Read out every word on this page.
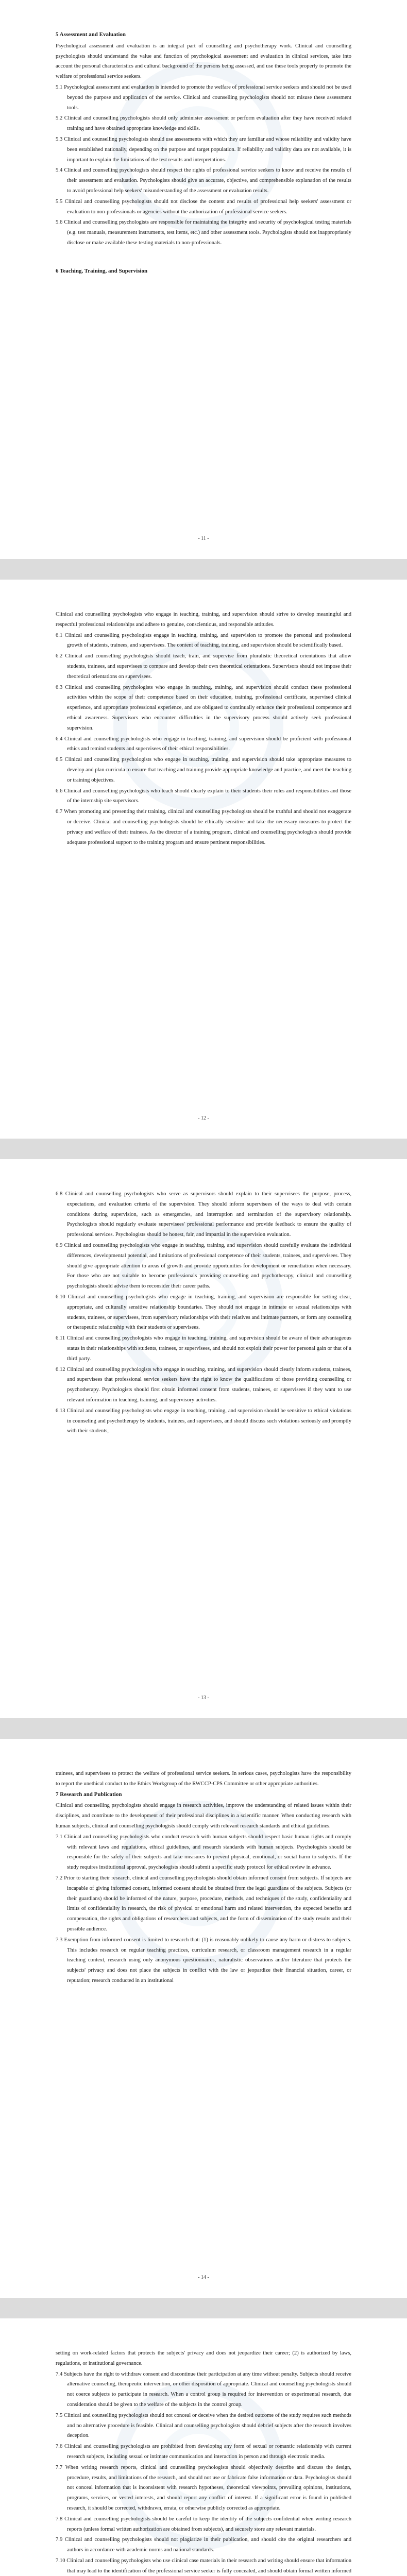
5 Assessment and Evaluation

Psychological assessment and evaluation is an integral part of counselling and psychotherapy work. Clinical and counselling psychologists should understand the value and function of psychological assessment and evaluation in clinical services, take into account the personal characteristics and cultural background of the persons being assessed, and use these tools properly to promote the welfare of professional service seekers.

5.1 Psychological assessment and evaluation is intended to promote the welfare of professional service seekers and should not be used beyond the purpose and application of the service. Clinical and counselling psychologists should not misuse these assessment tools.

5.2 Clinical and counselling psychologists should only administer assessment or perform evaluation after they have received related training and have obtained appropriate knowledge and skills.

5.3 Clinical and counselling psychologists should use assessments with which they are familiar and whose reliability and validity have been established nationally, depending on the purpose and target population. If reliability and validity data are not available, it is important to explain the limitations of the test results and interpretations.

5.4 Clinical and counselling psychologists should respect the rights of professional service seekers to know and receive the results of their assessment and evaluation. Psychologists should give an accurate, objective, and comprehensible explanation of the results to avoid professional help seekers' misunderstanding of the assessment or evaluation results.

5.5 Clinical and counselling psychologists should not disclose the content and results of professional help seekers' assessment or evaluation to non-professionals or agencies without the authorization of professional service seekers.

5.6 Clinical and counselling psychologists are responsible for maintaining the integrity and security of psychological testing materials (e.g. test manuals, measurement instruments, test items, etc.) and other assessment tools. Psychologists should not inappropriately disclose or make available these testing materials to non-professionals.

6 Teaching, Training, and Supervision
- 11 -

Clinical and counselling psychologists who engage in teaching, training, and supervision should strive to develop meaningful and respectful professional relationships and adhere to genuine, conscientious, and responsible attitudes.

6.1 Clinical and counselling psychologists engage in teaching, training, and supervision to promote the personal and professional growth of students, trainees, and supervisees. The content of teaching, training, and supervision should be scientifically based.

6.2 Clinical and counselling psychologists should teach, train, and supervise from pluralistic theoretical orientations that allow students, trainees, and supervisees to compare and develop their own theoretical orientations. Supervisors should not impose their theoretical orientations on supervisees.

6.3 Clinical and counselling psychologists who engage in teaching, training, and supervision should conduct these professional activities within the scope of their competence based on their education, training, professional certificate, supervised clinical experience, and appropriate professional experience, and are obligated to continually enhance their professional competence and ethical awareness. Supervisors who encounter difficulties in the supervisory process should actively seek professional supervision.

6.4 Clinical and counselling psychologists who engage in teaching, training, and supervision should be proficient with professional ethics and remind students and supervisees of their ethical responsibilities.

6.5 Clinical and counselling psychologists who engage in teaching, training, and supervision should take appropriate measures to develop and plan curricula to ensure that teaching and training provide appropriate knowledge and practice, and meet the teaching or training objectives.

6.6 Clinical and counselling psychologists who teach should clearly explain to their students their roles and responsibilities and those of the internship site supervisors.

6.7 When promoting and presenting their training, clinical and counselling psychologists should be truthful and should not exaggerate or deceive. Clinical and counselling psychologists should be ethically sensitive and take the necessary measures to protect the privacy and welfare of their trainees. As the director of a training program, clinical and counselling psychologists should provide adequate professional support to the training program and ensure pertinent responsibilities.

- 12 -

6.8 Clinical and counselling psychologists who serve as supervisors should explain to their supervisees the purpose, process, expectations, and evaluation criteria of the supervision. They should inform supervisees of the ways to deal with certain conditions during supervision, such as emergencies, and interruption and termination of the supervisory relationship. Psychologists should regularly evaluate supervisees' professional performance and provide feedback to ensure the quality of professional services. Psychologists should be honest, fair, and impartial in the supervision evaluation.

6.9 Clinical and counselling psychologists who engage in teaching, training, and supervision should carefully evaluate the individual differences, developmental potential, and limitations of professional competence of their students, trainees, and supervisees. They should give appropriate attention to areas of growth and provide opportunities for development or remediation when necessary. For those who are not suitable to become professionals providing counselling and psychotherapy, clinical and counselling psychologists should advise them to reconsider their career paths.

6.10 Clinical and counselling psychologists who engage in teaching, training, and supervision are responsible for setting clear, appropriate, and culturally sensitive relationship boundaries. They should not engage in intimate or sexual relationships with students, trainees, or supervisees, from supervisory relationships with their relatives and intimate partners, or form any counseling or therapeutic relationship with their students or supervisees.

6.11 Clinical and counselling psychologists who engage in teaching, training, and supervision should be aware of their advantageous status in their relationships with students, trainees, or supervisees, and should not exploit their power for personal gain or that of a third party.

6.12 Clinical and counselling psychologists who engage in teaching, training, and supervision should clearly inform students, trainees, and supervisees that professional service seekers have the right to know the qualifications of those providing counselling or psychotherapy. Psychologists should first obtain informed consent from students, trainees, or supervisees if they want to use relevant information in teaching, training, and supervisory activities.

6.13 Clinical and counselling psychologists who engage in teaching, training, and supervision should be sensitive to ethical violations in counseling and psychotherapy by students, trainees, and supervisees, and should discuss such violations seriously and promptly with their students,

- 13 -

trainees, and supervisees to protect the welfare of professional service seekers. In serious cases, psychologists have the responsibility to report the unethical conduct to the Ethics Workgroup of the RWCCP-CPS Committee or other appropriate authorities.

7 Research and Publication

Clinical and counselling psychologists should engage in research activities, improve the understanding of related issues within their disciplines, and contribute to the development of their professional disciplines in a scientific manner. When conducting research with human subjects, clinical and counselling psychologists should comply with relevant research standards and ethical guidelines.

7.1 Clinical and counselling psychologists who conduct research with human subjects should respect basic human rights and comply with relevant laws and regulations, ethical guidelines, and research standards with human subjects. Psychologists should be responsible for the safety of their subjects and take measures to prevent physical, emotional, or social harm to subjects. If the study requires institutional approval, psychologists should submit a specific study protocol for ethical review in advance.

7.2 Prior to starting their research, clinical and counselling psychologists should obtain informed consent from subjects. If subjects are incapable of giving informed consent, informed consent should be obtained from the legal guardians of the subjects. Subjects (or their guardians) should be informed of the nature, purpose, procedure, methods, and techniques of the study, confidentiality and limits of confidentiality in research, the risk of physical or emotional harm and related intervention, the expected benefits and compensation, the rights and obligations of researchers and subjects, and the form of dissemination of the study results and their possible audience.

7.3 Exemption from informed consent is limited to research that: (1) is reasonably unlikely to cause any harm or distress to subjects. This includes research on regular teaching practices, curriculum research, or classroom management research in a regular teaching context, research using only anonymous questionnaires, naturalistic observations and/or literature that protects the subjects' privacy and does not place the subjects in conflict with the law or jeopardize their financial situation, career, or reputation; research conducted in an institutional

- 14 -

setting on work-related factors that protects the subjects' privacy and does not jeopardize their career; (2) is authorized by laws, regulations, or institutional governance.

7.4 Subjects have the right to withdraw consent and discontinue their participation at any time without penalty. Subjects should receive alternative counseling, therapeutic intervention, or other disposition of appropriate. Clinical and counselling psychologists should not coerce subjects to participate in research. When a control group is required for intervention or experimental research, due consideration should be given to the welfare of the subjects in the control group.

7.5 Clinical and counselling psychologists should not conceal or deceive when the desired outcome of the study requires such methods and no alternative procedure is feasible. Clinical and counselling psychologists should debrief subjects after the research involves deception.

7.6 Clinical and counselling psychologists are prohibited from developing any form of sexual or romantic relationship with current research subjects, including sexual or intimate communication and interaction in person and through electronic media.

7.7 When writing research reports, clinical and counselling psychologists should objectively describe and discuss the design, procedure, results, and limitations of the research, and should not use or fabricate false information or data. Psychologists should not conceal information that is inconsistent with research hypotheses, theoretical viewpoints, prevailing opinions, institutions, programs, services, or vested interests, and should report any conflict of interest. If a significant error is found in published research, it should be corrected, withdrawn, errata, or otherwise publicly corrected as appropriate.

7.8 Clinical and counselling psychologists should be careful to keep the identity of the subjects confidential when writing research reports (unless formal written authorization are obtained from subjects), and securely store any relevant materials.

7.9 Clinical and counselling psychologists should not plagiarize in their publication, and should cite the original researchers and authors in accordance with academic norms and national standards.

7.10 Clinical and counselling psychologists who use clinical case materials in their research and writing should ensure that information that may lead to the identification of the professional service seeker is fully concealed, and should obtain formal written informed
